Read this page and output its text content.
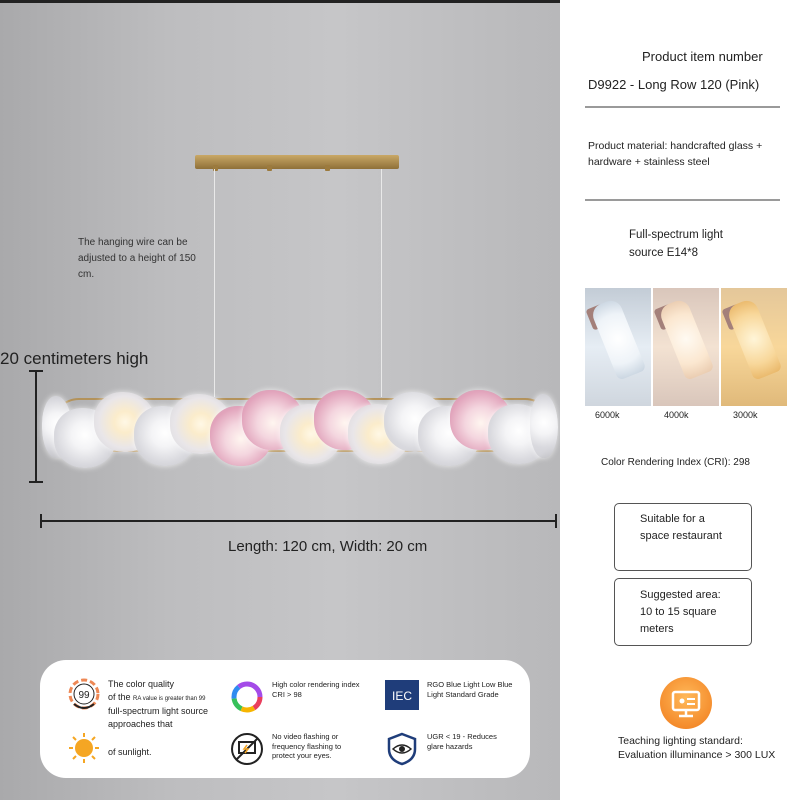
The hanging wire can be adjusted to a height of 150 cm.
20 centimeters high
Length: 120 cm, Width: 20 cm
99
The color quality
of the RA value is greater than 99
full-spectrum light source approaches that
of sunlight.
High color rendering index CRI > 98
No video flashing or frequency flashing to protect your eyes.
IEC
RGO Blue Light Low Blue Light Standard Grade
UGR < 19 - Reduces glare hazards
Product item number
D9922 - Long Row 120 (Pink)
Product material: handcrafted glass + hardware + stainless steel
Full-spectrum light source E14*8
6000k	4000k	3000k
Color Rendering Index (CRI): 298
Suitable for a space restaurant
Suggested area: 10 to 15 square meters
Teaching lighting standard: Evaluation illuminance > 300 LUX
